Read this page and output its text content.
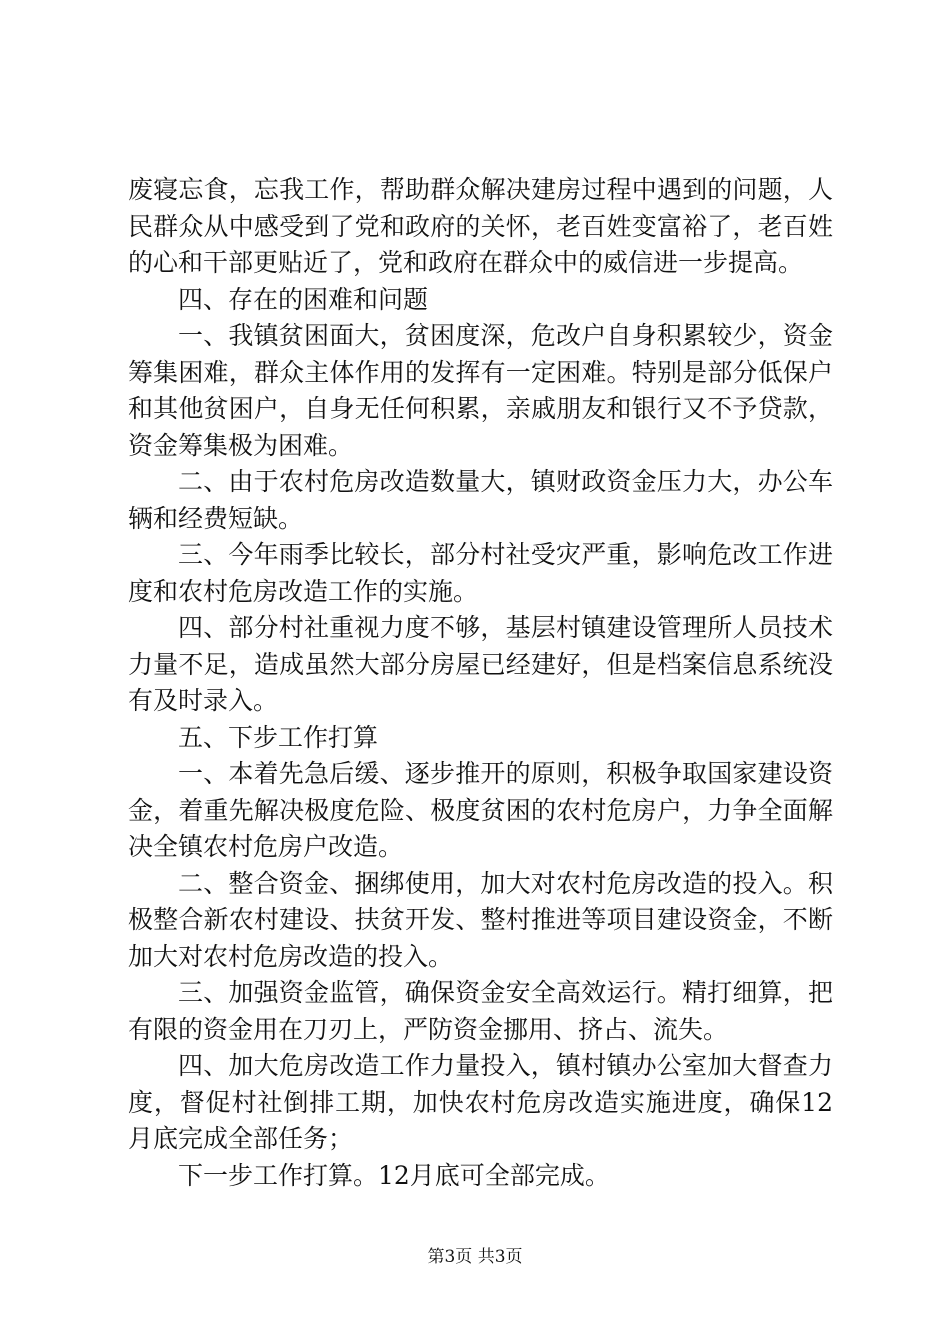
废寝忘食，忘我工作，帮助群众解决建房过程中遇到的问题，人民群众从中感受到了党和政府的关怀，老百姓变富裕了，老百姓的心和干部更贴近了，党和政府在群众中的威信进一步提高。

四、存在的困难和问题

一、我镇贫困面大，贫困度深，危改户自身积累较少，资金筹集困难，群众主体作用的发挥有一定困难。特别是部分低保户和其他贫困户，自身无任何积累，亲戚朋友和银行又不予贷款，资金筹集极为困难。

二、由于农村危房改造数量大，镇财政资金压力大，办公车辆和经费短缺。

三、今年雨季比较长，部分村社受灾严重，影响危改工作进度和农村危房改造工作的实施。

四、部分村社重视力度不够，基层村镇建设管理所人员技术力量不足，造成虽然大部分房屋已经建好，但是档案信息系统没有及时录入。

五、下步工作打算

一、本着先急后缓、逐步推开的原则，积极争取国家建设资金，着重先解决极度危险、极度贫困的农村危房户，力争全面解决全镇农村危房户改造。

二、整合资金、捆绑使用，加大对农村危房改造的投入。积极整合新农村建设、扶贫开发、整村推进等项目建设资金，不断加大对农村危房改造的投入。

三、加强资金监管，确保资金安全高效运行。精打细算，把有限的资金用在刀刃上，严防资金挪用、挤占、流失。

四、加大危房改造工作力量投入，镇村镇办公室加大督查力度，督促村社倒排工期，加快农村危房改造实施进度，确保12月底完成全部任务；

下一步工作打算。12月底可全部完成。

第3页 共3页
